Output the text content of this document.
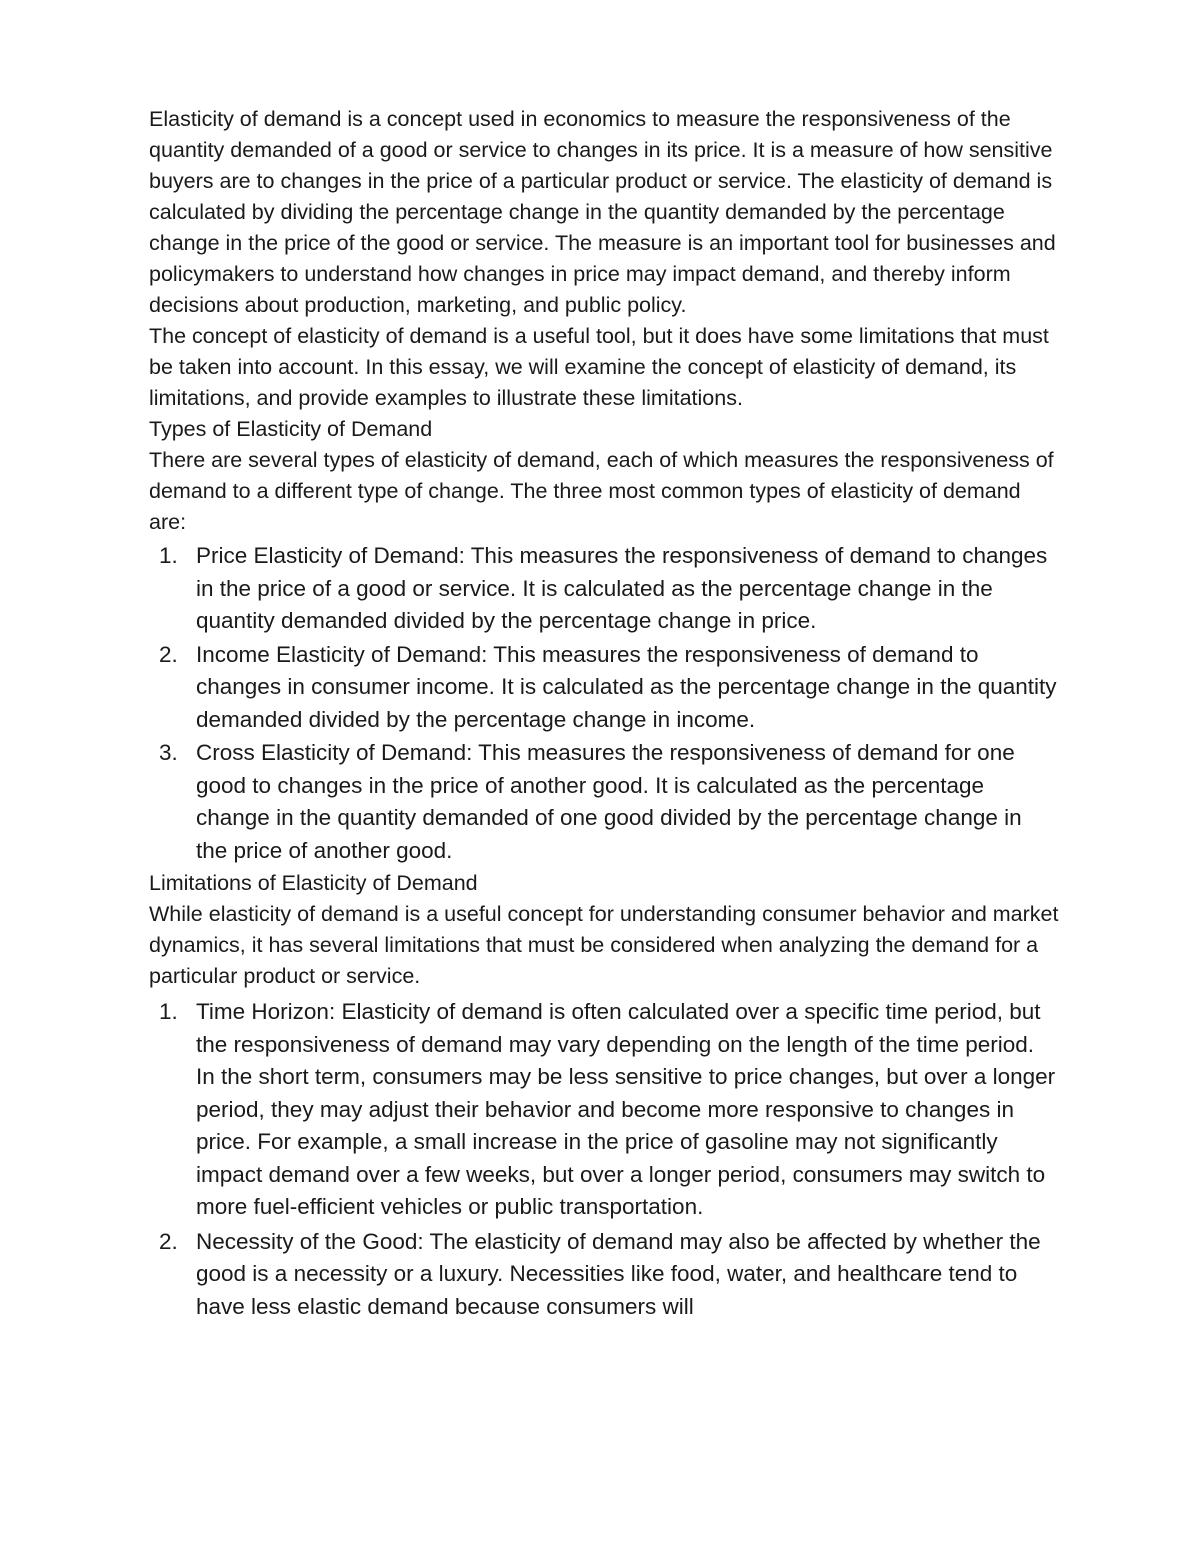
Elasticity of demand is a concept used in economics to measure the responsiveness of the quantity demanded of a good or service to changes in its price. It is a measure of how sensitive buyers are to changes in the price of a particular product or service. The elasticity of demand is calculated by dividing the percentage change in the quantity demanded by the percentage change in the price of the good or service. The measure is an important tool for businesses and policymakers to understand how changes in price may impact demand, and thereby inform decisions about production, marketing, and public policy.

The concept of elasticity of demand is a useful tool, but it does have some limitations that must be taken into account. In this essay, we will examine the concept of elasticity of demand, its limitations, and provide examples to illustrate these limitations.

Types of Elasticity of Demand

There are several types of elasticity of demand, each of which measures the responsiveness of demand to a different type of change. The three most common types of elasticity of demand are:

1. Price Elasticity of Demand: This measures the responsiveness of demand to changes in the price of a good or service. It is calculated as the percentage change in the quantity demanded divided by the percentage change in price.
2. Income Elasticity of Demand: This measures the responsiveness of demand to changes in consumer income. It is calculated as the percentage change in the quantity demanded divided by the percentage change in income.
3. Cross Elasticity of Demand: This measures the responsiveness of demand for one good to changes in the price of another good. It is calculated as the percentage change in the quantity demanded of one good divided by the percentage change in the price of another good.

Limitations of Elasticity of Demand

While elasticity of demand is a useful concept for understanding consumer behavior and market dynamics, it has several limitations that must be considered when analyzing the demand for a particular product or service.

1. Time Horizon: Elasticity of demand is often calculated over a specific time period, but the responsiveness of demand may vary depending on the length of the time period. In the short term, consumers may be less sensitive to price changes, but over a longer period, they may adjust their behavior and become more responsive to changes in price. For example, a small increase in the price of gasoline may not significantly impact demand over a few weeks, but over a longer period, consumers may switch to more fuel-efficient vehicles or public transportation.
2. Necessity of the Good: The elasticity of demand may also be affected by whether the good is a necessity or a luxury. Necessities like food, water, and healthcare tend to have less elastic demand because consumers will
